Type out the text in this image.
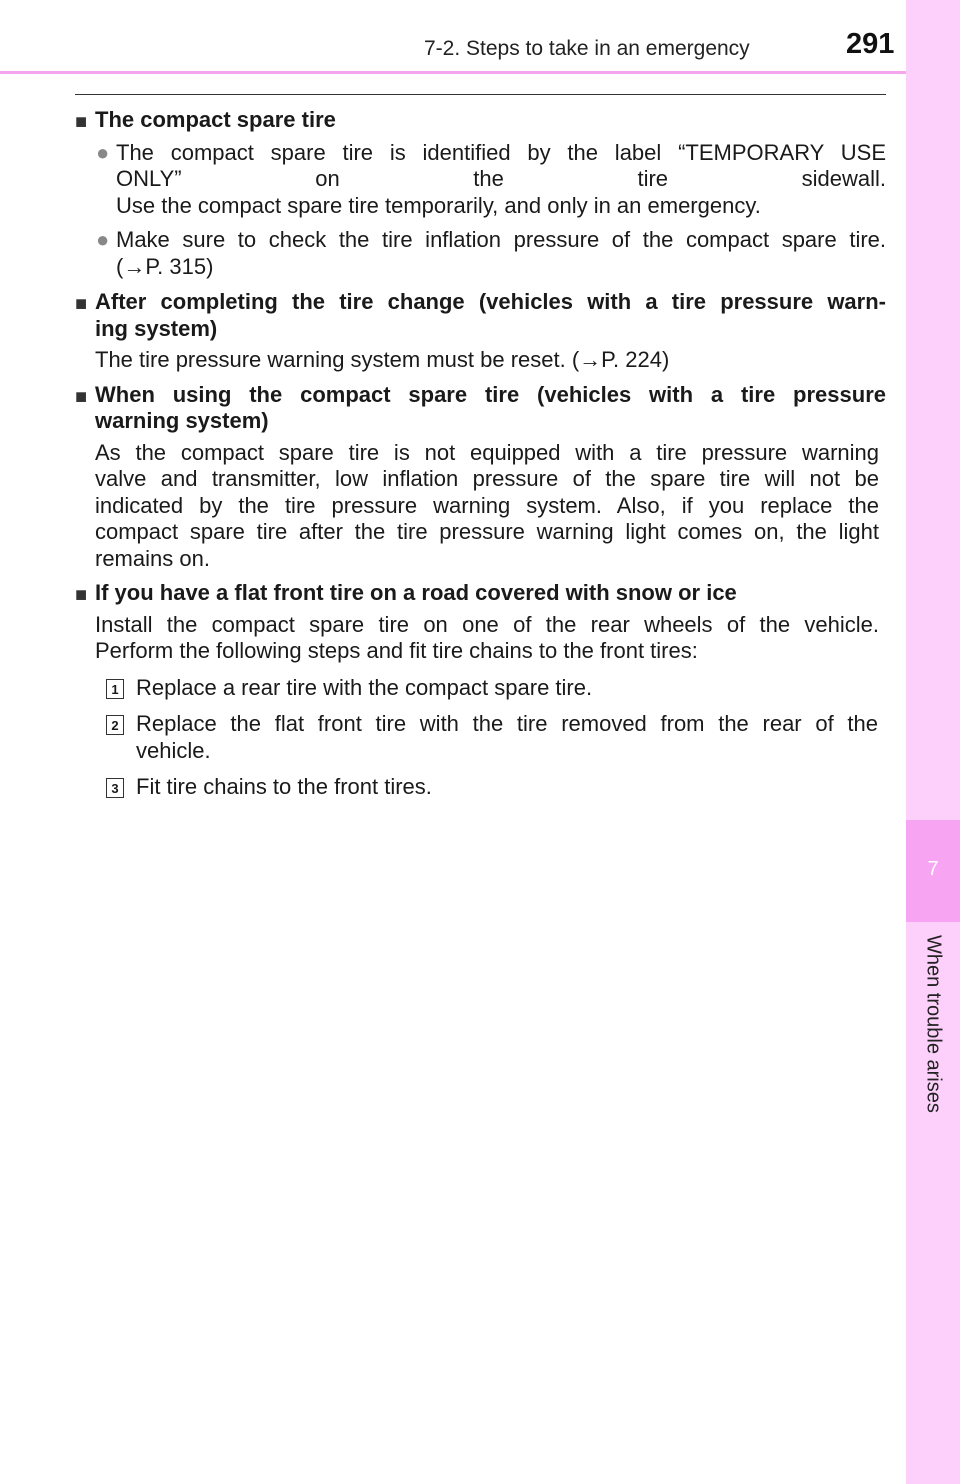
7-2. Steps to take in an emergency	291
7
When trouble arises
■ The compact spare tire
● The compact spare tire is identified by the label “TEMPORARY USE
ONLY” on the tire sidewall.
Use the compact spare tire temporarily, and only in an emergency.
● Make sure to check the tire inflation pressure of the compact spare tire.
(→P. 315)
■ After completing the tire change (vehicles with a tire pressure warn-
ing system)
The tire pressure warning system must be reset. (→P. 224)
■ When using the compact spare tire (vehicles with a tire pressure
warning system)
As the compact spare tire is not equipped with a tire pressure warning
valve and transmitter, low inflation pressure of the spare tire will not be
indicated by the tire pressure warning system. Also, if you replace the
compact spare tire after the tire pressure warning light comes on, the light
remains on.
■ If you have a flat front tire on a road covered with snow or ice
Install the compact spare tire on one of the rear wheels of the vehicle.
Perform the following steps and fit tire chains to the front tires:
1 Replace a rear tire with the compact spare tire.
2 Replace the flat front tire with the tire removed from the rear of the
vehicle.
3 Fit tire chains to the front tires.
